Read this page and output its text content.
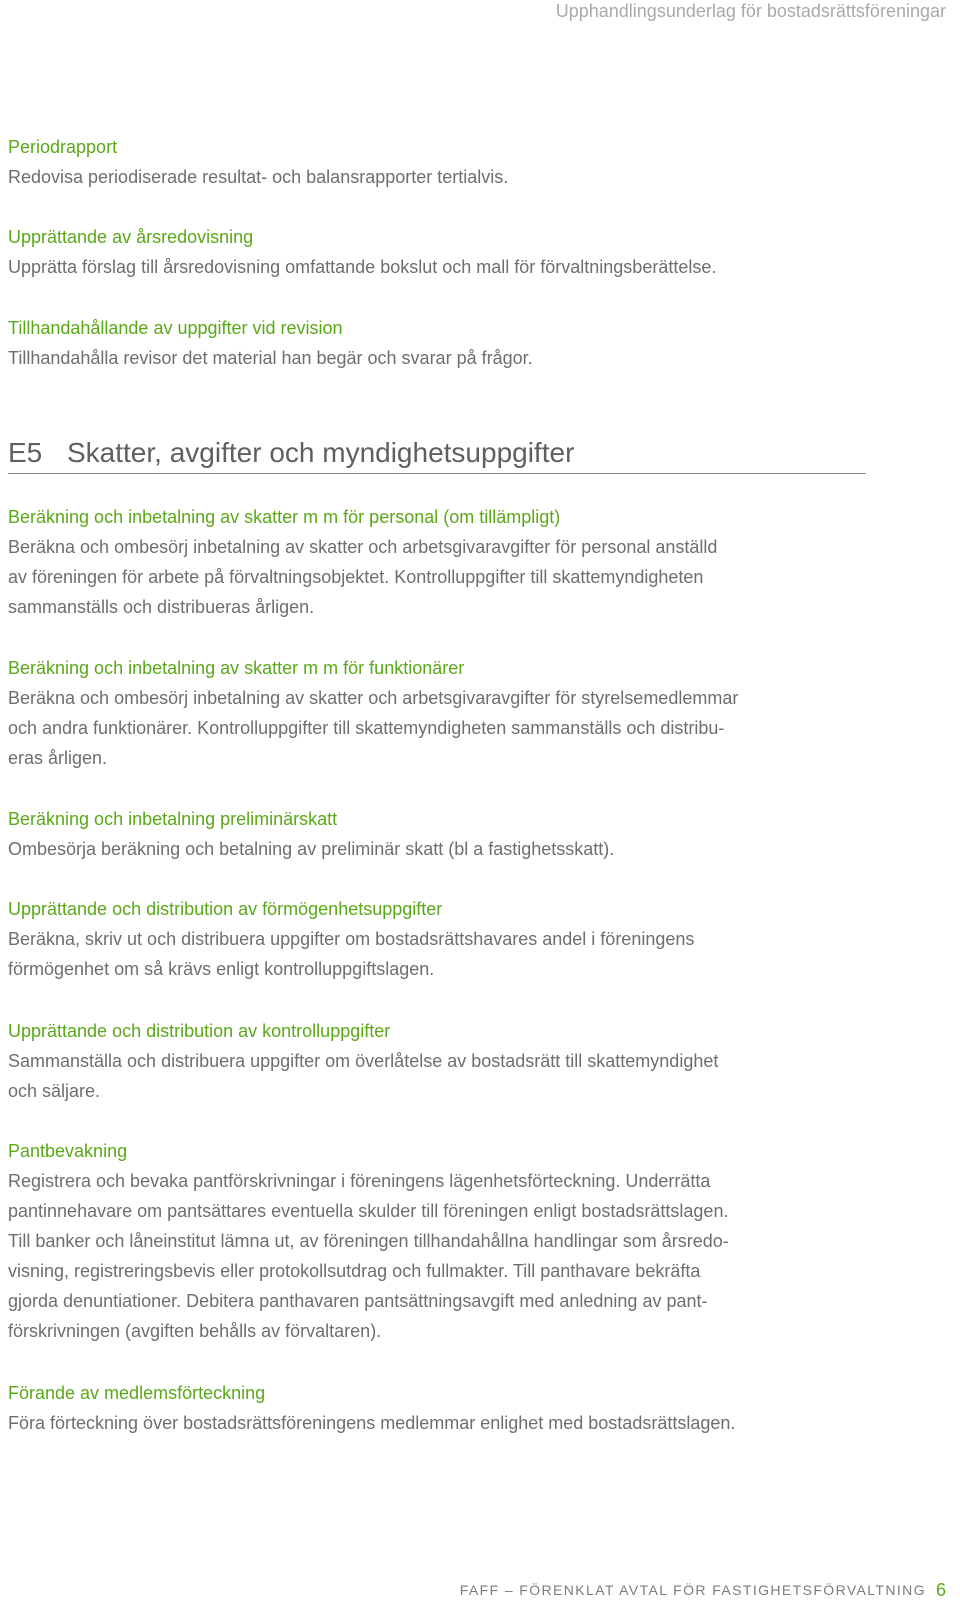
Upphandlingsunderlag för bostadsrättsföreningar
Periodrapport
Redovisa periodiserade resultat- och balansrapporter tertialvis.
Upprättande av årsredovisning
Upprätta förslag till årsredovisning omfattande bokslut och mall för förvaltningsberättelse.
Tillhandahållande av uppgifter vid revision
Tillhandahålla revisor det material han begär och svarar på frågor.
E5 Skatter, avgifter och myndighetsuppgifter
Beräkning och inbetalning av skatter m m för personal (om tillämpligt)
Beräkna och ombesörj inbetalning av skatter och arbetsgivaravgifter för personal anställd
av föreningen för arbete på förvaltningsobjektet. Kontrolluppgifter till skattemyndigheten
sammanställs och distribueras årligen.
Beräkning och inbetalning av skatter m m för funktionärer
Beräkna och ombesörj inbetalning av skatter och arbetsgivaravgifter för styrelsemedlemmar
och andra funktionärer. Kontrolluppgifter till skattemyndigheten sammanställs och distribu-
eras årligen.
Beräkning och inbetalning preliminärskatt
Ombesörja beräkning och betalning av preliminär skatt (bl a fastighetsskatt).
Upprättande och distribution av förmögenhetsuppgifter
Beräkna, skriv ut och distribuera uppgifter om bostadsrättshavares andel i föreningens
förmögenhet om så krävs enligt kontrolluppgiftslagen.
Upprättande och distribution av kontrolluppgifter
Sammanställa och distribuera uppgifter om överlåtelse av bostadsrätt till skattemyndighet
och säljare.
Pantbevakning
Registrera och bevaka pantförskrivningar i föreningens lägenhetsförteckning. Underrätta
pantinnehavare om pantsättares eventuella skulder till föreningen enligt bostadsrättslagen.
Till banker och låneinstitut lämna ut, av föreningen tillhandahållna handlingar som årsredo-
visning, registreringsbevis eller protokollsutdrag och fullmakter. Till panthavare bekräfta
gjorda denuntiationer. Debitera panthavaren pantsättningsavgift med anledning av pant-
förskrivningen (avgiften behålls av förvaltaren).
Förande av medlemsförteckning
Föra förteckning över bostadsrättsföreningens medlemmar enlighet med bostadsrättslagen.
FAFF – FÖRENKLAT AVTAL FÖR FASTIGHETSFÖRVALTNING 6
